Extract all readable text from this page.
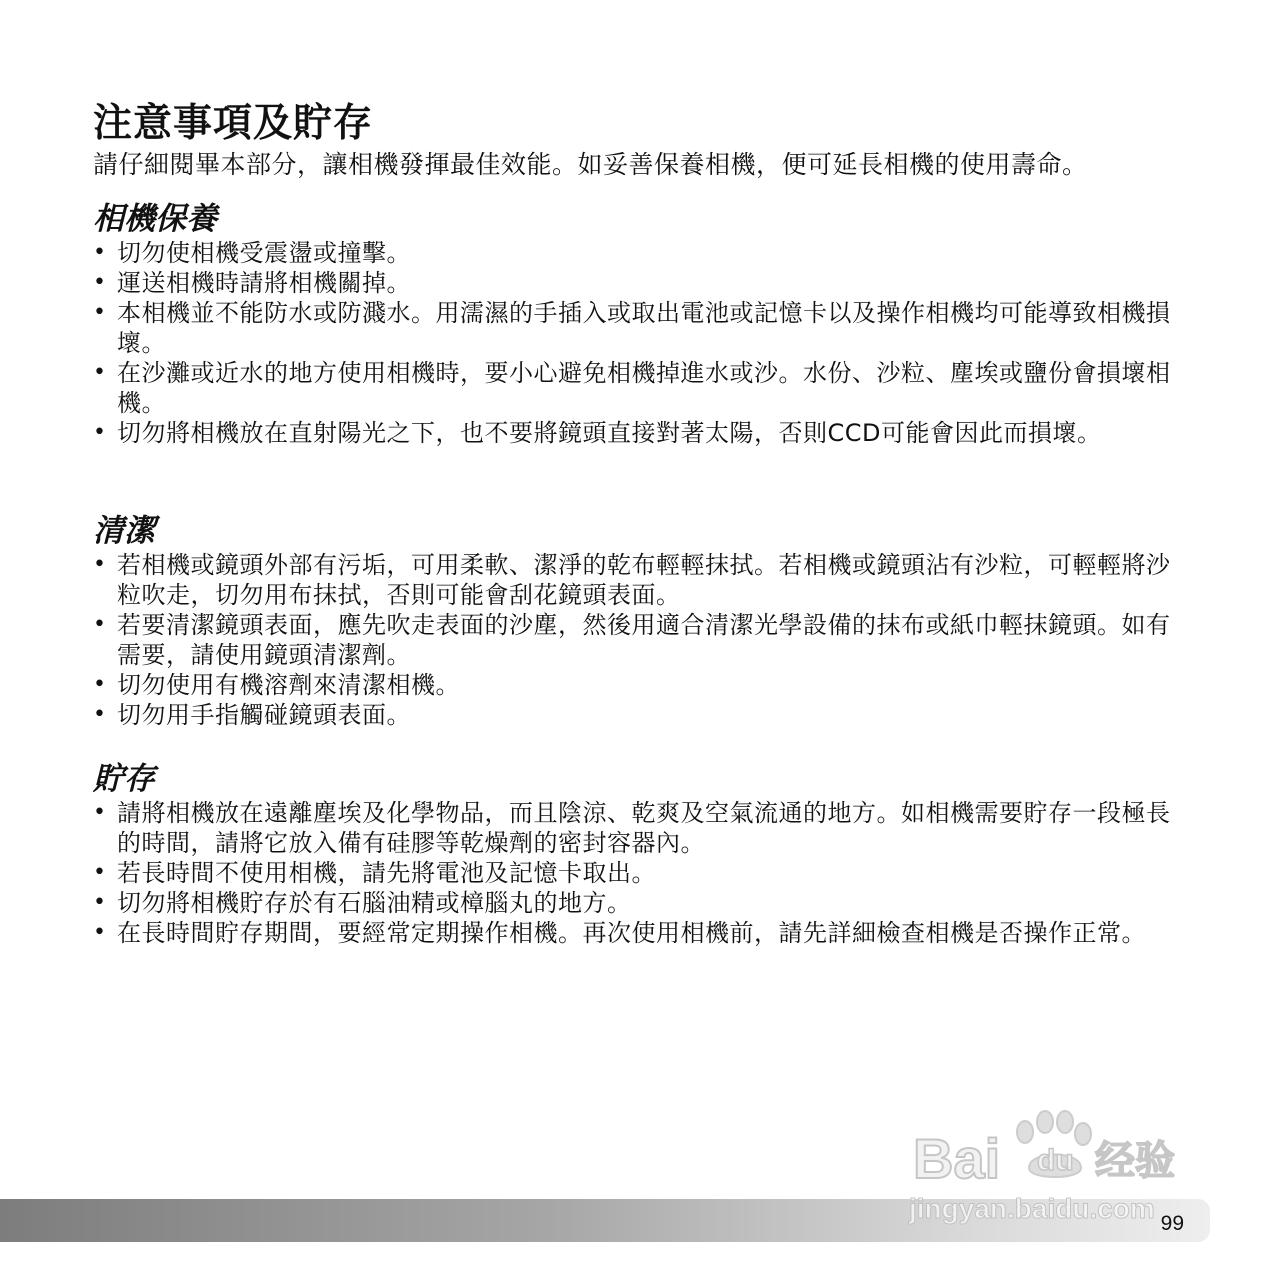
注意事項及貯存
請仔細閱畢本部分，讓相機發揮最佳效能。如妥善保養相機，便可延長相機的使用壽命。
相機保養
• 切勿使相機受震盪或撞擊。
• 運送相機時請將相機關掉。
• 本相機並不能防水或防濺水。用濡濕的手插入或取出電池或記憶卡以及操作相機均可能導致相機損壞。
• 在沙灘或近水的地方使用相機時，要小心避免相機掉進水或沙。水份、沙粒、塵埃或鹽份會損壞相機。
• 切勿將相機放在直射陽光之下，也不要將鏡頭直接對著太陽，否則CCD可能會因此而損壞。
清潔
• 若相機或鏡頭外部有污垢，可用柔軟、潔淨的乾布輕輕抹拭。若相機或鏡頭沾有沙粒，可輕輕將沙粒吹走，切勿用布抹拭，否則可能會刮花鏡頭表面。
• 若要清潔鏡頭表面，應先吹走表面的沙塵，然後用適合清潔光學設備的抹布或紙巾輕抹鏡頭。如有需要，請使用鏡頭清潔劑。
• 切勿使用有機溶劑來清潔相機。
• 切勿用手指觸碰鏡頭表面。
貯存
• 請將相機放在遠離塵埃及化學物品，而且陰涼、乾爽及空氣流通的地方。如相機需要貯存一段極長的時間，請將它放入備有硅膠等乾燥劑的密封容器內。
• 若長時間不使用相機，請先將電池及記憶卡取出。
• 切勿將相機貯存於有石腦油精或樟腦丸的地方。
• 在長時間貯存期間，要經常定期操作相機。再次使用相機前，請先詳細檢查相機是否操作正常。
99
Bai du 经验
jingyan.baidu.com
